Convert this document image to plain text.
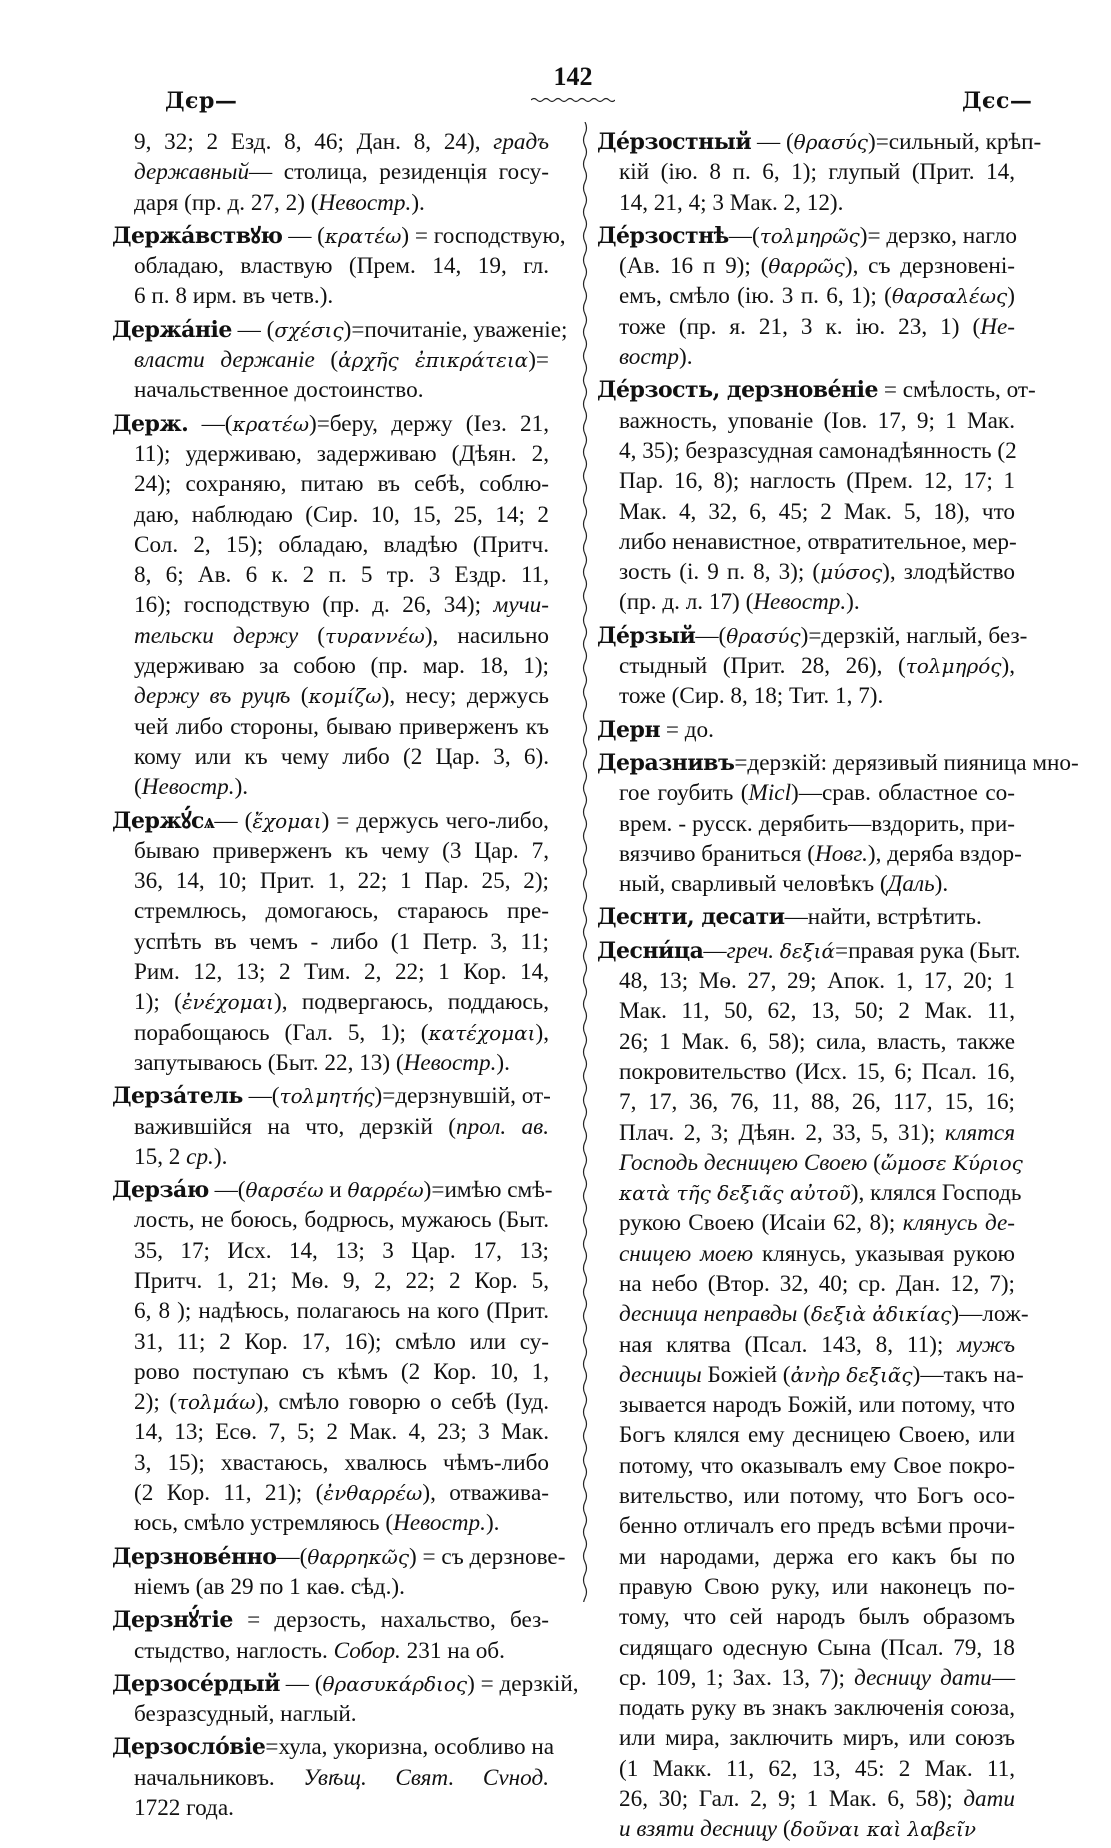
Дєр—
142
Дєс—
9, 32; 2 Езд. 8, 46; Дан. 8, 24), градъ
державный— столица, резиденція госу-
даря (пр. д. 27, 2) (Невостр.).
Держа́вствꙋю — (κρατέω) = господствую,
обладаю, властвую (Прем. 14, 19, гл.
6 п. 8 ирм. въ четв.).
Держа́ніе — (σχέσις)=почитаніе, уваженіе;
власти держаніе (ἀρχῆς ἐπικράτεια)=
начальственное достоинство.
Держ. —(κρατέω)=беру, держу (Іез. 21,
11); удерживаю, задерживаю (Дѣян. 2,
24); сохраняю, питаю въ себѣ, соблю-
даю, наблюдаю (Сир. 10, 15, 25, 14; 2
Сол. 2, 15); обладаю, владѣю (Притч.
8, 6; Ав. 6 к. 2 п. 5 тр. 3 Ездр. 11,
16); господствую (пр. д. 26, 34); мучи-
тельски держу (τυραννέω), насильно
удерживаю за собою (пр. мар. 18, 1);
держу въ руцѣ (κομίζω), несу; держусь
чей либо стороны, бываю приверженъ къ
кому или къ чему либо (2 Цар. 3, 6).
(Невостр.).
Держꙋ́сѧ— (ἔχομαι) = держусь чего-либо,
бываю приверженъ къ чему (3 Цар. 7,
36, 14, 10; Прит. 1, 22; 1 Пар. 25, 2);
стремлюсь, домогаюсь, стараюсь пре-
успѣть въ чемъ - либо (1 Петр. 3, 11;
Рим. 12, 13; 2 Тим. 2, 22; 1 Кор. 14,
1); (ἐνέχομαι), подвергаюсь, поддаюсь,
порабощаюсь (Гал. 5, 1); (κατέχομαι),
запутываюсь (Быт. 22, 13) (Невостр.).
Дерза́тель —(τολμητής)=дерзнувшій, от-
важившійся на что, дерзкій (прол. ав.
15, 2 ср.).
Дерза́ю —(θαρσέω и θαρρέω)=имѣю смѣ-
лость, не боюсь, бодрюсь, мужаюсь (Быт.
35, 17; Исх. 14, 13; 3 Цар. 17, 13;
Притч. 1, 21; Мѳ. 9, 2, 22; 2 Кор. 5,
6, 8 ); надѣюсь, полагаюсь на кого (Прит.
31, 11; 2 Кор. 17, 16); смѣло или су-
рово поступаю съ кѣмъ (2 Кор. 10, 1,
2); (τολμάω), смѣло говорю о себѣ (Іуд.
14, 13; Есѳ. 7, 5; 2 Мак. 4, 23; 3 Мак.
3, 15); хвастаюсь, хвалюсь чѣмъ-либо
(2 Кор. 11, 21); (ἐνθαρρέω), отваживa-
юсь, смѣло устремляюсь (Невостр.).
Дерзнове́нно—(θαρρηκῶς) = съ дерзнове-
ніемъ (ав 29 по 1 каѳ. сѣд.).
Дерзнꙋ́тіе = дерзость, нахальство, без-
стыдство, наглость. Собор. 231 на об.
Дерзосе́рдый — (θρασυκάρδιος) = дерзкій,
безразсудный, наглый.
Дерзосло́віе=хула, укоризна, особливо на
начальниковъ. Увѣщ. Свят. Сvнод.
1722 года.
Де́рзостный — (θρασύς)=сильный, крѣп-
кій (ію. 8 п. 6, 1); глупый (Прит. 14,
14, 21, 4; 3 Мак. 2, 12).
Де́рзостнѣ—(τολμηρῶς)= дерзко, нагло
(Ав. 16 п 9); (θαρρῶς), съ дерзновені-
емъ, смѣло (ію. 3 п. 6, 1); (θαρσαλέως)
тоже (пр. я. 21, 3 к. ію. 23, 1) (Не-
востр).
Де́рзость, дерзнове́ніе = смѣлость, от-
важность, упованіе (Іов. 17, 9; 1 Мак.
4, 35); безразсудная самонадѣянность (2
Пар. 16, 8); наглость (Прем. 12, 17; 1
Мак. 4, 32, 6, 45; 2 Мак. 5, 18), что
либо ненавистное, отвратительное, мер-
зость (і. 9 п. 8, 3); (μύσος), злодѣйство
(пр. д. л. 17) (Невостр.).
Де́рзый—(θρασύς)=дерзкій, наглый, без-
стыдный (Прит. 28, 26), (τολμηρός),
тоже (Сир. 8, 18; Тит. 1, 7).
Дерн = до.
Деразнивъ=дерзкій: дерязивый пияница мно-
гое гоубить (Micl)—срав. областное со-
врем. - русск. дерябить—вздорить, при-
вязчиво браниться (Новг.), деряба вздор-
ный, сварливый человѣкъ (Даль).
Деснти, десати—найти, встрѣтить.
Десни́ца—греч. δεξιά=правая рука (Быт.
48, 13; Мѳ. 27, 29; Апок. 1, 17, 20; 1
Мак. 11, 50, 62, 13, 50; 2 Мак. 11,
26; 1 Мак. 6, 58); сила, власть, также
покровительство (Исх. 15, 6; Псал. 16,
7, 17, 36, 76, 11, 88, 26, 117, 15, 16;
Плач. 2, 3; Дѣян. 2, 33, 5, 31); клятся
Господь десницею Своею (ὤμοσε Κύριος
κατὰ τῆς δεξιᾶς αὐτοῦ), клялся Господь
рукою Своею (Исаіи 62, 8); клянусь де-
сницею моею клянусь, указывая рукою
на небо (Втор. 32, 40; ср. Дан. 12, 7);
десница неправды (δεξιὰ ἀδικίας)—лож-
ная клятва (Псал. 143, 8, 11); мужъ
десницы Божіей (ἀνὴρ δεξιᾶς)—такъ на-
зывается народъ Божій, или потому, что
Богъ клялся ему десницею Своею, или
потому, что оказывалъ ему Свое покро-
вительство, или потому, что Богъ осо-
бенно отличалъ его предъ всѣми прочи-
ми народами, держа его какъ бы по
правую Свою руку, или наконецъ по-
тому, что сей народъ былъ образомъ
сидящаго одесную Сына (Псал. 79, 18
ср. 109, 1; Зах. 13, 7); десницу дати—
подать руку въ знакъ заключенія союза,
или мира, заключить миръ, или союзъ
(1 Макк. 11, 62, 13, 45: 2 Мак. 11,
26, 30; Гал. 2, 9; 1 Мак. 6, 58); дати
и взяти десницу (δοῦναι καὶ λαβεῖν
